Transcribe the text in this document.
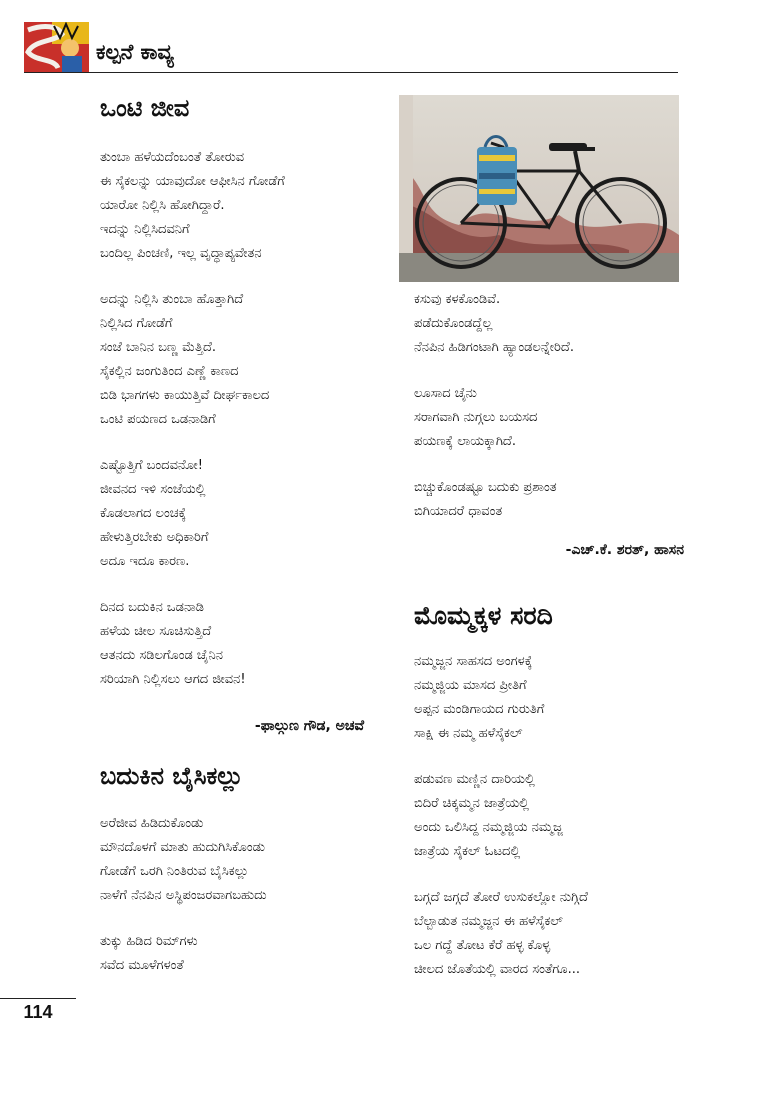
ಕಲ್ಪನೆ ಕಾವ್ಯ
ಒಂಟಿ ಜೀವ
ತುಂಬಾ ಹಳೆಯದೆಂಬಂತೆ ತೋರುವ
ಈ ಸೈಕಲನ್ನು ಯಾವುದೋ ಆಫೀಸಿನ ಗೋಡೆಗೆ
ಯಾರೋ ನಿಲ್ಲಿಸಿ ಹೋಗಿದ್ದಾರೆ.
ಇದನ್ನು ನಿಲ್ಲಿಸಿದವನಿಗೆ
ಬಂದಿಲ್ಲ ಪಿಂಚಣಿ, ಇಲ್ಲ ವೃದ್ಧಾಪ್ಯವೇತನ
ಅದನ್ನು ನಿಲ್ಲಿಸಿ ತುಂಬಾ ಹೊತ್ತಾಗಿದೆ
ನಿಲ್ಲಿಸಿದ ಗೋಡೆಗೆ
ಸಂಜೆ ಬಾನಿನ ಬಣ್ಣ ಮೆತ್ತಿದೆ.
ಸೈಕಲ್ಲಿನ ಜಂಗುತಿಂದ ಎಣ್ಣೆ ಕಾಣದ
ಬಿಡಿ ಭಾಗಗಳು ಕಾಯುತ್ತಿವೆ ದೀರ್ಘಕಾಲದ
ಒಂಟಿ ಪಯಣದ ಒಡನಾಡಿಗೆ
ಎಷ್ಟೊತ್ತಿಗೆ ಬಂದವನೋ!
ಜೀವನದ ಇಳಿ ಸಂಜೆಯಲ್ಲಿ
ಕೊಡಲಾಗದ ಲಂಚಕ್ಕೆ
ಹೇಳುತ್ತಿರಬೇಕು ಅಧಿಕಾರಿಗೆ
ಅದೂ ಇದೂ ಕಾರಣ.
ದಿನದ ಬದುಕಿನ ಒಡನಾಡಿ
ಹಳೆಯ ಚೀಲ ಸೂಚಿಸುತ್ತಿದೆ
ಆತನದು ಸಡಿಲಗೊಂಡ ಚೈನಿನ
ಸರಿಯಾಗಿ ನಿಲ್ಲಿಸಲು ಆಗದ ಜೀವನ!
-ಫಾಲ್ಗುಣ ಗೌಡ, ಅಚವೆ
ಬದುಕಿನ ಬೈಸಿಕಲ್ಲು
ಅರೆಜೀವ ಹಿಡಿದುಕೊಂಡು
ಮೌನದೊಳಗೆ ಮಾತು ಹುದುಗಿಸಿಕೊಂಡು
ಗೋಡೆಗೆ ಒರಗಿ ನಿಂತಿರುವ ಬೈಸಿಕಲ್ಲು
ನಾಳೆಗೆ ನೆನಪಿನ ಅಸ್ಥಿಪಂಜರವಾಗಬಹುದು
ತುಕ್ಕು ಹಿಡಿದ ರಿಮ್‌ಗಳು
ಸವೆದ ಮೂಳೆಗಳಂತೆ
ಕಸುವು ಕಳಕೊಂಡಿವೆ.
ಪಡೆದುಕೊಂಡದ್ದೆಲ್ಲ
ನೆನಪಿನ ಹಿಡಿಗಂಟಾಗಿ ಹ್ಯಾಂಡಲನ್ನೇರಿದೆ.
ಲೂಸಾದ ಚೈನು
ಸರಾಗವಾಗಿ ನುಗ್ಗಲು ಬಯಸದ
ಪಯಣಕ್ಕೆ ಲಾಯಕ್ಕಾಗಿದೆ.
ಬಿಚ್ಚುಕೊಂಡಷ್ಟೂ ಬದುಕು ಪ್ರಶಾಂತ
ಬಿಗಿಯಾದರೆ ಧಾವಂತ
-ಎಚ್.ಕೆ. ಶರತ್, ಹಾಸನ
ಮೊಮ್ಮಕ್ಕಳ ಸರದಿ
ನಮ್ಮಜ್ಜನ ಸಾಹಸದ ಅಂಗಳಕ್ಕೆ
ನಮ್ಮಜ್ಜಿಯ ಮಾಸದ ಪ್ರೀತಿಗೆ
ಅಪ್ಪನ ಮಂಡಿಗಾಯದ ಗುರುತಿಗೆ
ಸಾಕ್ಷಿ ಈ ನಮ್ಮ ಹಳೆಸೈಕಲ್
ಪಡುವಣ ಮಣ್ಣಿನ ದಾರಿಯಲ್ಲಿ
ಬಿದಿರೆ ಚಿಕ್ಕಮ್ಮನ ಜಾತ್ರೆಯಲ್ಲಿ
ಅಂದು ಒಲಿಸಿದ್ದ ನಮ್ಮಜ್ಜಿಯ ನಮ್ಮಜ್ಜ
ಜಾತ್ರೆಯ ಸೈಕಲ್ ಓಟದಲ್ಲಿ
ಬಗ್ಗದೆ ಜಗ್ಗದೆ ತೋರೆ ಉಸುಕಲ್ಲೋ ನುಗ್ಗಿದೆ
ಬೆಲ್ಬಾಡುತ ನಮ್ಮಜ್ಜನ ಈ ಹಳೆಸೈಕಲ್
ಒಲ ಗದ್ದೆ ತೋಟ ಕೆರೆ ಹಳ್ಳ ಕೊಳ್ಳ
ಚೀಲದ ಜೊತೆಯಲ್ಲಿ ವಾರದ ಸಂತೆಗೂ...
114
